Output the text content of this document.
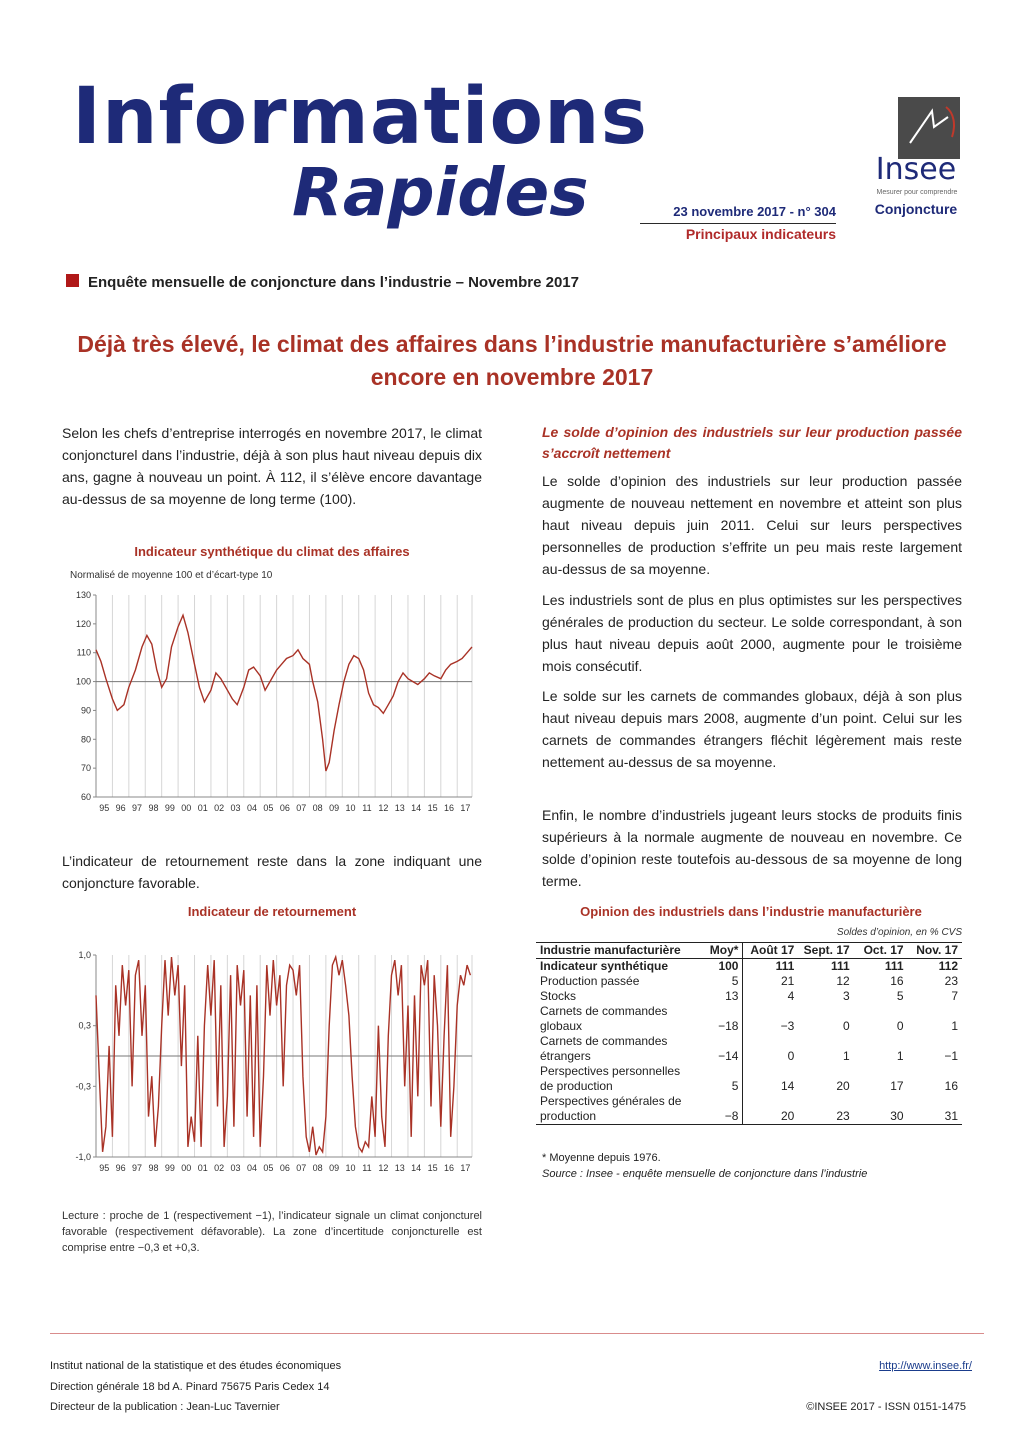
Informations
Rapides	23 novembre 2017 - n° 304
Principaux indicateurs
Insee
Mesurer pour comprendre
Conjoncture
Enquête mensuelle de conjoncture dans l’industrie – Novembre 2017
Déjà très élevé, le climat des affaires dans l’industrie manufacturière s’améliore encore en novembre 2017
Selon les chefs d’entreprise interrogés en novembre 2017, le climat conjoncturel dans l’industrie, déjà à son plus haut niveau depuis dix ans, gagne à nouveau un point. À 112, il s’élève encore davantage au-dessus de sa moyenne de long terme (100).
Indicateur synthétique du climat des affaires
Normalisé de moyenne 100 et d’écart-type 10
95 96 97 98 99 00 01 02 03 04 05 06 07 08 09 10 11 12 13 14 15 16 17
60
70
80
90
100
110
120
130
L’indicateur de retournement reste dans la zone indiquant une conjoncture favorable.
Indicateur de retournement
95 96 97 98 99 00 01 02 03 04 05 06 07 08 09 10 11 12 13 14 15 16 17
1,0
0,3
-0,3
-1,0
Lecture : proche de 1 (respectivement −1), l’indicateur signale un climat conjoncturel favorable (respectivement défavorable). La zone d’incertitude conjoncturelle est comprise entre −0,3 et +0,3.
Le solde d’opinion des industriels sur leur production passée s’accroît nettement
Le solde d’opinion des industriels sur leur production passée augmente de nouveau nettement en novembre et atteint son plus haut niveau depuis juin 2011. Celui sur leurs perspectives personnelles de production s’effrite un peu mais reste largement au-dessus de sa moyenne.
Les industriels sont de plus en plus optimistes sur les perspectives générales de production du secteur. Le solde correspondant, à son plus haut niveau depuis août 2000, augmente pour le troisième mois consécutif.
Le solde sur les carnets de commandes globaux, déjà à son plus haut niveau depuis mars 2008, augmente d’un point. Celui sur les carnets de commandes étrangers fléchit légèrement mais reste nettement au-dessus de sa moyenne.
Enfin, le nombre d’industriels jugeant leurs stocks de produits finis supérieurs à la normale augmente de nouveau en novembre. Ce solde d’opinion reste toutefois au-dessous de sa moyenne de long terme.
Opinion des industriels dans l’industrie manufacturière
Soldes d’opinion, en % CVS
Industrie manufacturière	Moy*	Août 17	Sept. 17	Oct. 17	Nov. 17
Indicateur synthétique	100	111	111	111	112
Production passée	5	21	12	16	23
Stocks	13	4	3	5	7
Carnets de commandes globaux	−18	−3	0	0	1
Carnets de commandes étrangers	−14	0	1	1	−1
Perspectives personnelles de production	5	14	20	17	16
Perspectives générales de production	−8	20	23	30	31
* Moyenne depuis 1976.
Source : Insee - enquête mensuelle de conjoncture dans l’industrie
Institut national de la statistique et des études économiques
Direction générale 18 bd A. Pinard 75675 Paris Cedex 14
Directeur de la publication : Jean-Luc Tavernier
http://www.insee.fr/
©INSEE 2017 - ISSN 0151-1475
